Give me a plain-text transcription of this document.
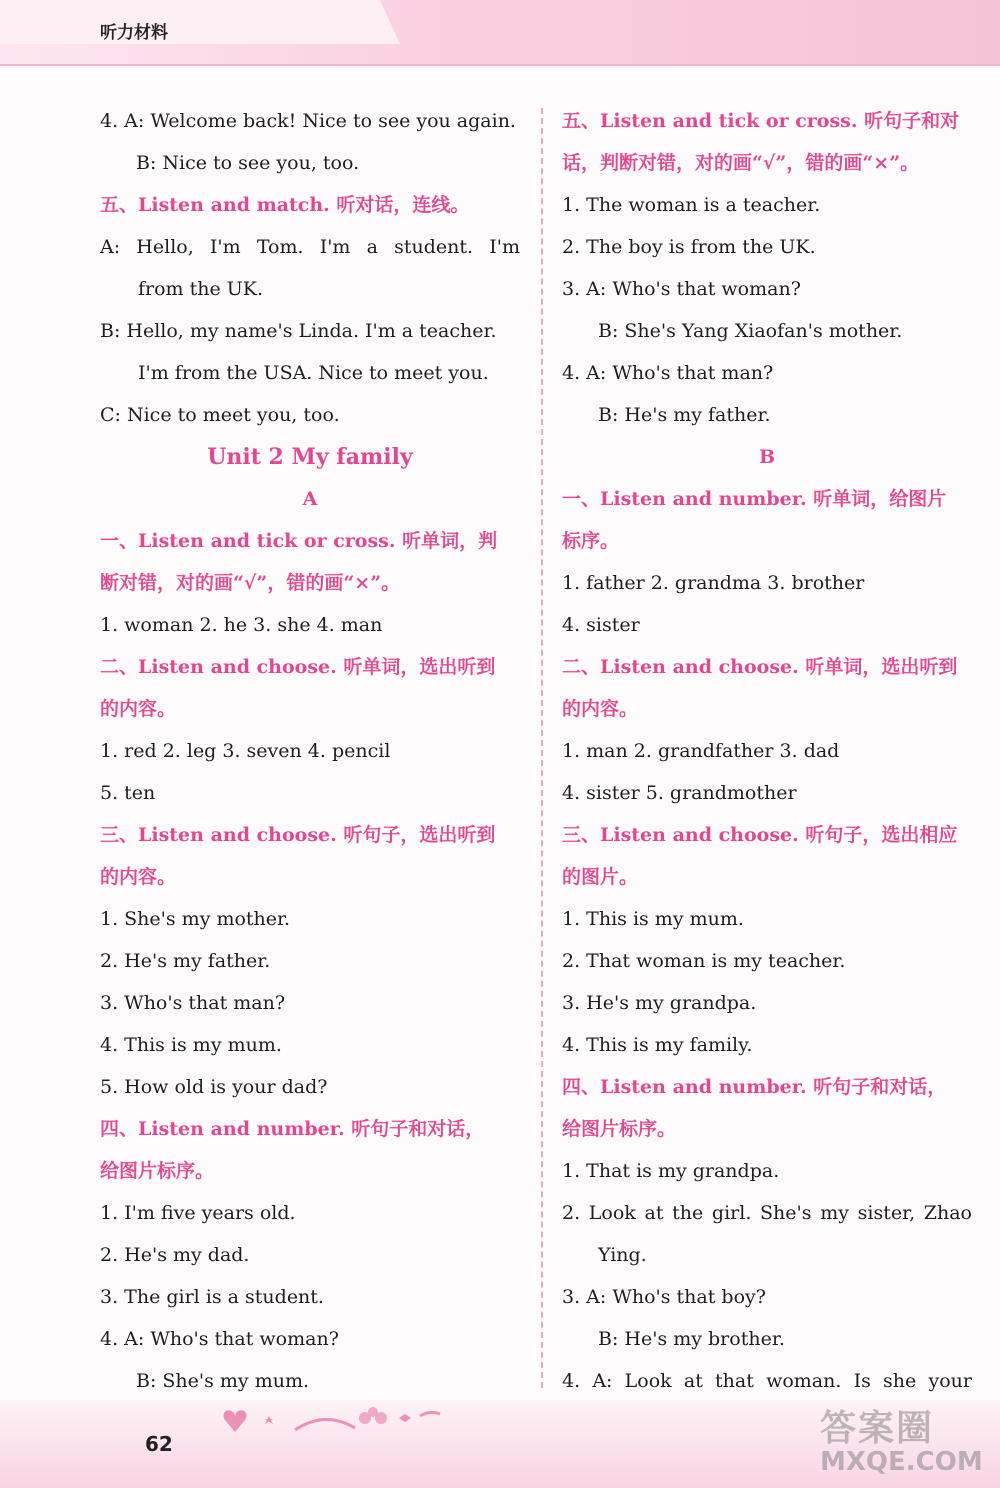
听力材料
4. A: Welcome back! Nice to see you again.
B: Nice to see you, too.
五、Listen and match. 听对话，连线。
A: Hello, I'm Tom. I'm a student. I'm
from the UK.
B: Hello, my name's Linda. I'm a teacher.
I'm from the USA. Nice to meet you.
C: Nice to meet you, too.
Unit 2 My family
A
一、Listen and tick or cross. 听单词，判
断对错，对的画“√”，错的画“×”。
1. woman 2. he 3. she 4. man
二、Listen and choose. 听单词，选出听到
的内容。
1. red 2. leg 3. seven 4. pencil
5. ten
三、Listen and choose. 听句子，选出听到
的内容。
1. She's my mother.
2. He's my father.
3. Who's that man?
4. This is my mum.
5. How old is your dad?
四、Listen and number. 听句子和对话，
给图片标序。
1. I'm five years old.
2. He's my dad.
3. The girl is a student.
4. A: Who's that woman?
B: She's my mum.
五、Listen and tick or cross. 听句子和对
话，判断对错，对的画“√”，错的画“×”。
1. The woman is a teacher.
2. The boy is from the UK.
3. A: Who's that woman?
B: She's Yang Xiaofan's mother.
4. A: Who's that man?
B: He's my father.
B
一、Listen and number. 听单词，给图片
标序。
1. father 2. grandma 3. brother
4. sister
二、Listen and choose. 听单词，选出听到
的内容。
1. man 2. grandfather 3. dad
4. sister 5. grandmother
三、Listen and choose. 听句子，选出相应
的图片。
1. This is my mum.
2. That woman is my teacher.
3. He's my grandpa.
4. This is my family.
四、Listen and number. 听句子和对话，
给图片标序。
1. That is my grandpa.
2. Look at the girl. She's my sister, Zhao
Ying.
3. A: Who's that boy?
B: He's my brother.
4. A: Look at that woman. Is she your
62	答案圈
MXQE.COM
